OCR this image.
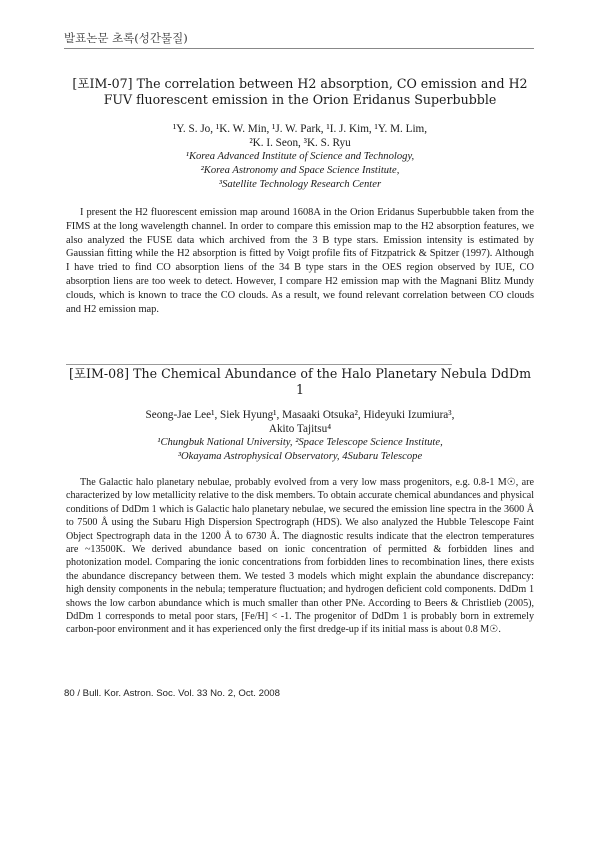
발표논문 초록(성간물질)
[포IM-07] The correlation between H2 absorption, CO emission and H2 FUV fluorescent emission in the Orion Eridanus Superbubble
¹Y. S. Jo, ¹K. W. Min, ¹J. W. Park, ¹I. J. Kim, ¹Y. M. Lim,
²K. I. Seon, ³K. S. Ryu
¹Korea Advanced Institute of Science and Technology,
²Korea Astronomy and Space Science Institute,
³Satellite Technology Research Center
I present the H2 fluorescent emission map around 1608A in the Orion Eridanus Superbubble taken from the FIMS at the long wavelength channel. In order to compare this emission map to the H2 absorption features, we also analyzed the FUSE data which archived from the 3 B type stars. Emission intensity is estimated by Gaussian fitting while the H2 absorption is fitted by Voigt profile fits of Fitzpatrick & Spitzer (1997). Although I have tried to find CO absorption liens of the 34 B type stars in the OES region observed by IUE, CO absorption liens are too week to detect. However, I compare H2 emission map with the Magnani Blitz Mundy clouds, which is known to trace the CO clouds. As a result, we found relevant correlation between CO clouds and H2 emission map.
[포IM-08] The Chemical Abundance of the Halo Planetary Nebula DdDm 1
Seong-Jae Lee¹, Siek Hyung¹, Masaaki Otsuka², Hideyuki Izumiura³,
Akito Tajitsu⁴
¹Chungbuk National University, ²Space Telescope Science Institute,
³Okayama Astrophysical Observatory, 4Subaru Telescope
The Galactic halo planetary nebulae, probably evolved from a very low mass progenitors, e.g. 0.8-1 M☉, are characterized by low metallicity relative to the disk members. To obtain accurate chemical abundances and physical conditions of DdDm 1 which is Galactic halo planetary nebulae, we secured the emission line spectra in the 3600 Å to 7500 Å using the Subaru High Dispersion Spectrograph (HDS). We also analyzed the Hubble Telescope Faint Object Spectrograph data in the 1200 Å to 6730 Å. The diagnostic results indicate that the electron temperatures are ~13500K. We derived abundance based on ionic concentration of permitted & forbidden lines and photonization model. Comparing the ionic concentrations from forbidden lines to recombination lines, there exists the abundance discrepancy between them. We tested 3 models which might explain the abundance discrepancy: high density components in the nebula; temperature fluctuation; and hydrogen deficient cold components. DdDm 1 shows the low carbon abundance which is much smaller than other PNe. According to Beers & Christlieb (2005), DdDm 1 corresponds to metal poor stars, [Fe/H] < -1. The progenitor of DdDm 1 is probably born in extremely carbon-poor environment and it has experienced only the first dredge-up if its initial mass is about 0.8 M☉.
80 / Bull. Kor. Astron. Soc. Vol. 33 No. 2, Oct. 2008
